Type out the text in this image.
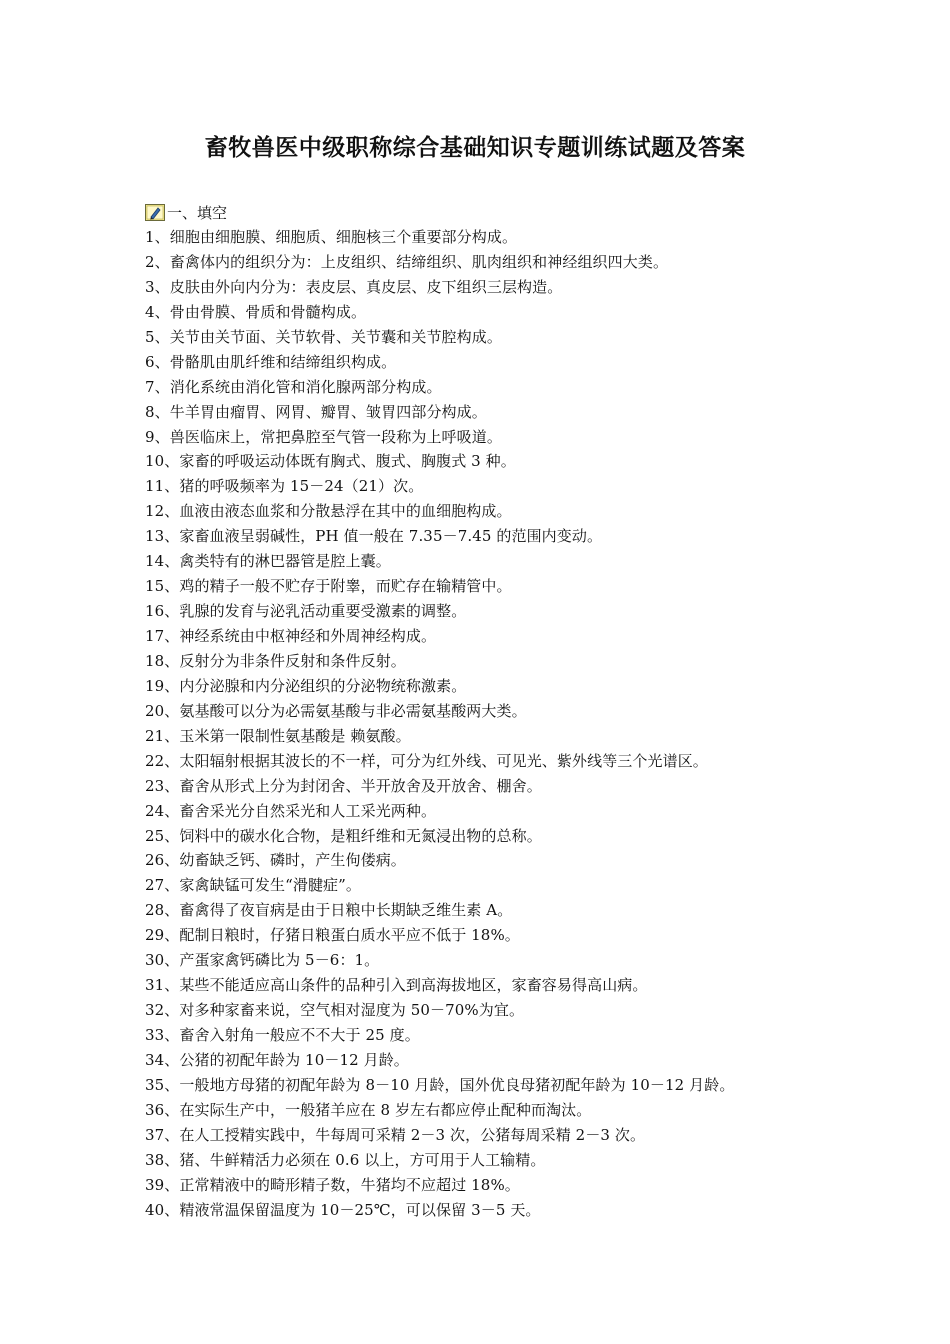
畜牧兽医中级职称综合基础知识专题训练试题及答案
一、填空
1、细胞由细胞膜、细胞质、细胞核三个重要部分构成。
2、畜禽体内的组织分为：上皮组织、结缔组织、肌肉组织和神经组织四大类。
3、皮肤由外向内分为：表皮层、真皮层、皮下组织三层构造。
4、骨由骨膜、骨质和骨髓构成。
5、关节由关节面、关节软骨、关节囊和关节腔构成。
6、骨骼肌由肌纤维和结缔组织构成。
7、消化系统由消化管和消化腺两部分构成。
8、牛羊胃由瘤胃、网胃、瓣胃、皱胃四部分构成。
9、兽医临床上，常把鼻腔至气管一段称为上呼吸道。
10、家畜的呼吸运动体既有胸式、腹式、胸腹式 3 种。
11、猪的呼吸频率为 15－24（21）次。
12、血液由液态血浆和分散悬浮在其中的血细胞构成。
13、家畜血液呈弱碱性，PH 值一般在 7.35－7.45 的范围内变动。
14、禽类特有的淋巴器管是腔上囊。
15、鸡的精子一般不贮存于附睾，而贮存在输精管中。
16、乳腺的发育与泌乳活动重要受激素的调整。
17、神经系统由中枢神经和外周神经构成。
18、反射分为非条件反射和条件反射。
19、内分泌腺和内分泌组织的分泌物统称激素。
20、氨基酸可以分为必需氨基酸与非必需氨基酸两大类。
21、玉米第一限制性氨基酸是 赖氨酸。
22、太阳辐射根据其波长的不一样，可分为红外线、可见光、紫外线等三个光谱区。
23、畜舍从形式上分为封闭舍、半开放舍及开放舍、棚舍。
24、畜舍采光分自然采光和人工采光两种。
25、饲料中的碳水化合物，是粗纤维和无氮浸出物的总称。
26、幼畜缺乏钙、磷时，产生佝偻病。
27、家禽缺锰可发生“滑腱症”。
28、畜禽得了夜盲病是由于日粮中长期缺乏维生素 A。
29、配制日粮时，仔猪日粮蛋白质水平应不低于 18%。
30、产蛋家禽钙磷比为 5－6：1。
31、某些不能适应高山条件的品种引入到高海拔地区，家畜容易得高山病。
32、对多种家畜来说，空气相对湿度为 50－70%为宜。
33、畜舍入射角一般应不不大于 25 度。
34、公猪的初配年龄为 10－12 月龄。
35、一般地方母猪的初配年龄为 8－10 月龄，国外优良母猪初配年龄为 10－12 月龄。
36、在实际生产中，一般猪羊应在 8 岁左右都应停止配种而淘汰。
37、在人工授精实践中，牛每周可采精 2－3 次，公猪每周采精 2－3 次。
38、猪、牛鲜精活力必须在 0.6 以上，方可用于人工输精。
39、正常精液中的畸形精子数，牛猪均不应超过 18%。
40、精液常温保留温度为 10－25℃，可以保留 3－5 天。
